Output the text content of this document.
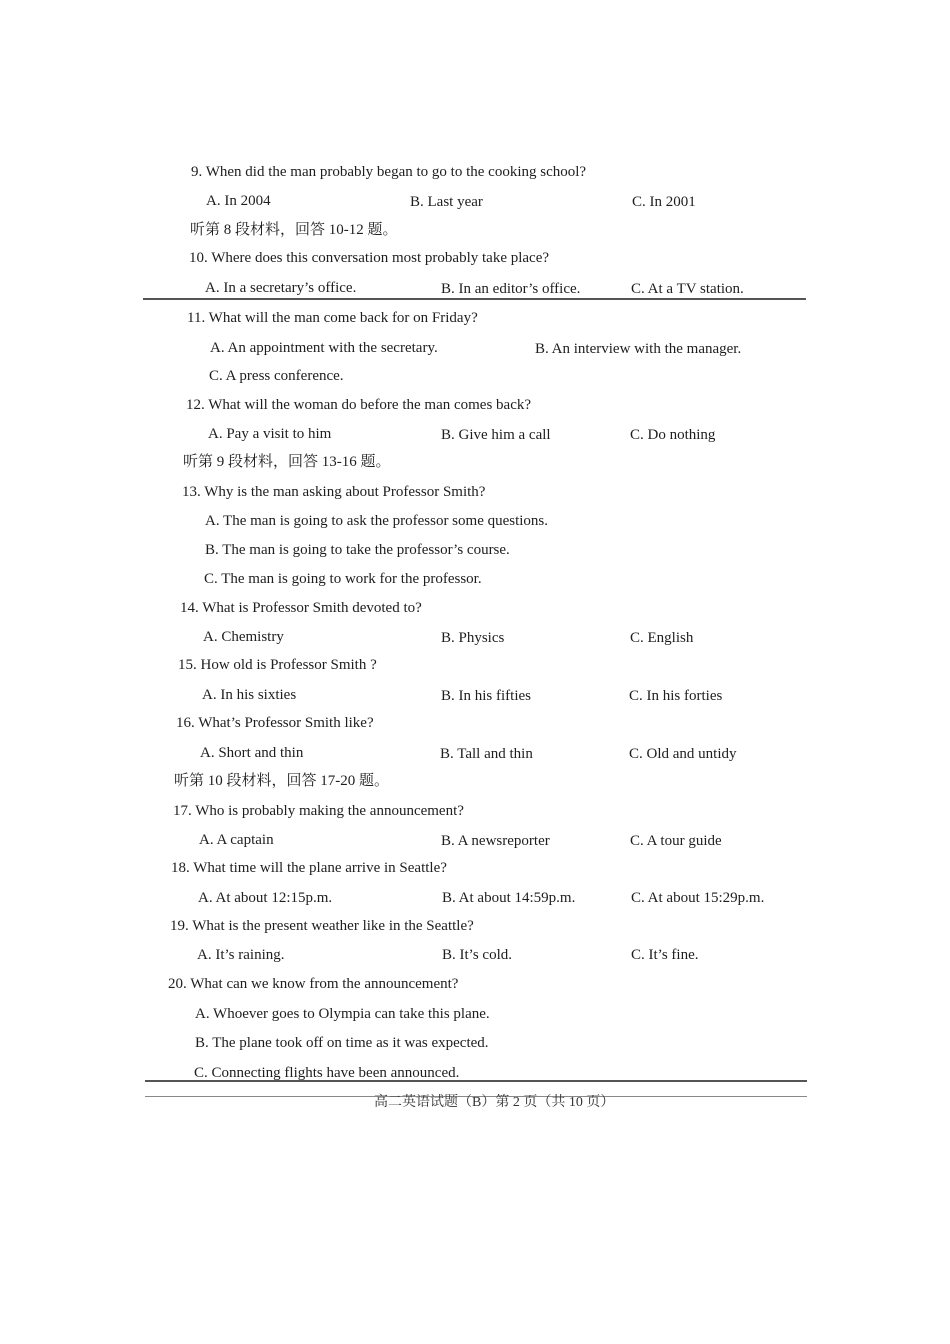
9. When did the man probably began to go to the cooking school?
A. In 2004	B. Last year	C. In 2001
听第 8 段材料，回答 10-12 题。
10. Where does this conversation most probably take place?
A. In a secretary’s office.	B. In an editor’s office.	C. At a TV station.
11. What will the man come back for on Friday?
A. An appointment with the secretary.	B. An interview with the manager.
C. A press conference.
12. What will the woman do before the man comes back?
A. Pay a visit to him	B. Give him a call	C. Do nothing
听第 9 段材料，回答 13-16 题。
13. Why is the man asking about Professor Smith?
A. The man is going to ask the professor some questions.
B. The man is going to take the professor’s course.
C. The man is going to work for the professor.
14. What is Professor Smith devoted to?
A. Chemistry	B. Physics	C. English
15. How old is Professor Smith ?
A. In his sixties	B. In his fifties	C. In his forties
16. What’s Professor Smith like?
A. Short and thin	B. Tall and thin	C. Old and untidy
听第 10 段材料，回答 17-20 题。
17. Who is probably making the announcement?
A. A captain	B. A newsreporter	C. A tour guide
18. What time will the plane arrive in Seattle?
A. At about 12:15p.m.	B. At about 14:59p.m.	C. At about 15:29p.m.
19. What is the present weather like in the Seattle?
A. It’s raining.	B. It’s cold.	C. It’s fine.
20. What can we know from the announcement?
A. Whoever goes to Olympia can take this plane.
B. The plane took off on time as it was expected.
C. Connecting flights have been announced.
高二英语试题（B）第 2 页（共 10 页）
